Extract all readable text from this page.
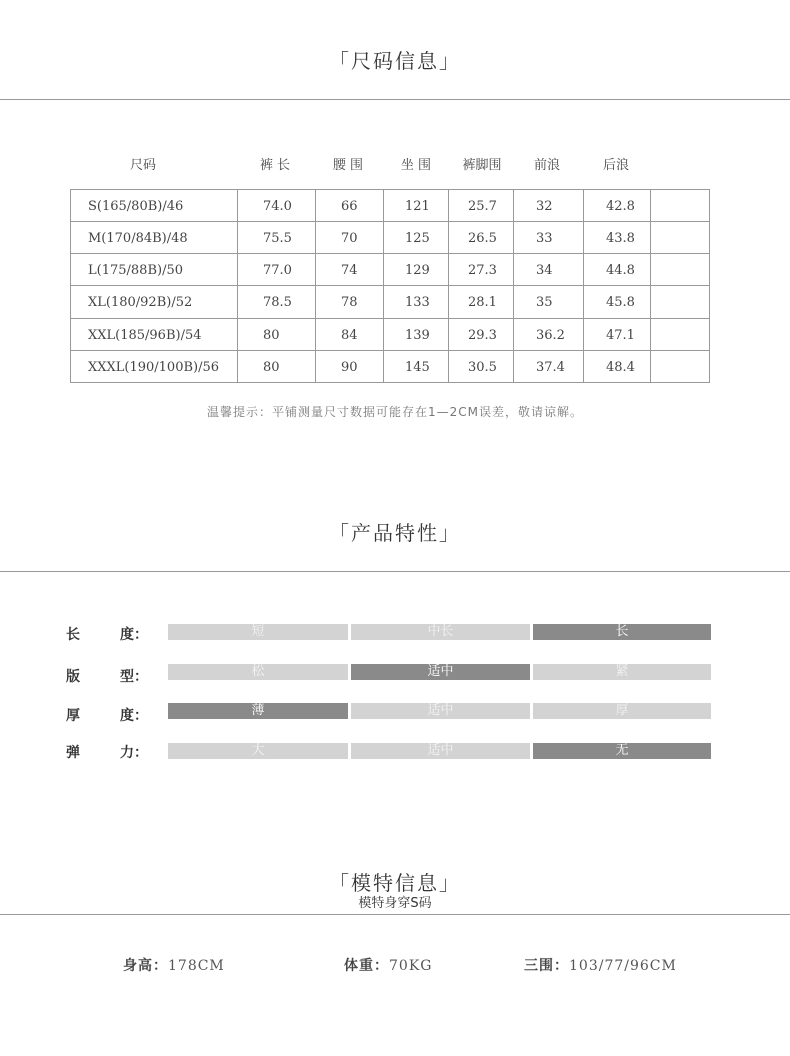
「尺码信息」
尺码	裤 长	腰 围	坐 围	裤脚围	前浪	后浪
S(165/80B)/46	74.0	66	121	25.7	32	42.8
M(170/84B)/48	75.5	70	125	26.5	33	43.8
L(175/88B)/50	77.0	74	129	27.3	34	44.8
XL(180/92B)/52	78.5	78	133	28.1	35	45.8
XXL(185/96B)/54	80	84	139	29.3	36.2	47.1
XXXL(190/100B)/56	80	90	145	30.5	37.4	48.4
温馨提示：平铺测量尺寸数据可能存在1—2CM误差，敬请谅解。
「产品特性」
长	度：	短	中长	长
版	型：	松	适中	紧
厚	度：	薄	适中	厚
弹	力：	大	适中	无
「模特信息」
模特身穿S码
身高：178CM	体重：70KG	三围：103/77/96CM
